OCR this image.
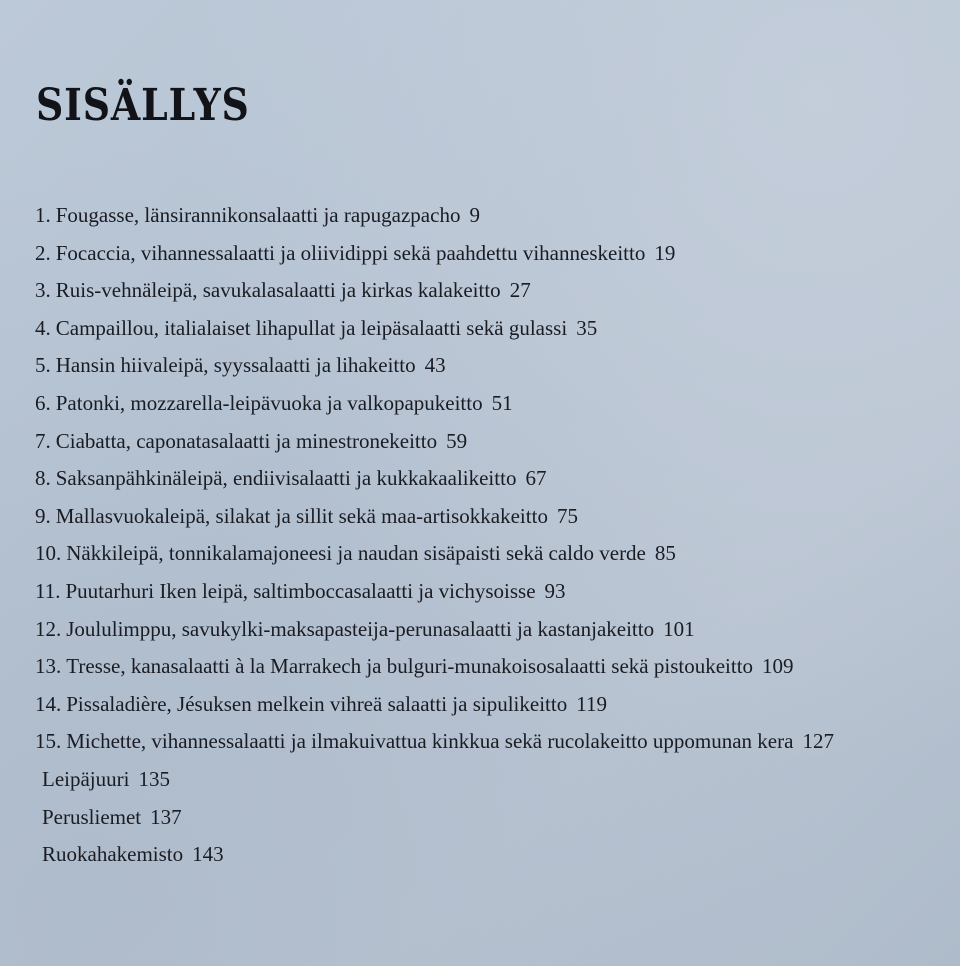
SISÄLLYS
1. Fougasse, länsirannikonsalaatti ja rapugazpacho 9
2. Focaccia, vihannessalaatti ja oliividippi sekä paahdettu vihanneskeitto 19
3. Ruis-vehnäleipä, savukalasalaatti ja kirkas kalakeitto 27
4. Campaillou, italialaiset lihapullat ja leipäsalaatti sekä gulassi 35
5. Hansin hiivaleipä, syyssalaatti ja lihakeitto 43
6. Patonki, mozzarella-leipävuoka ja valkopapukeitto 51
7. Ciabatta, caponatasalaatti ja minestronekeitto 59
8. Saksanpähkinäleipä, endiivisalaatti ja kukkakaalikeitto 67
9. Mallasvuokaleipä, silakat ja sillit sekä maa-artisokkakeitto 75
10. Näkkileipä, tonnikalamajoneesi ja naudan sisäpaisti sekä caldo verde 85
11. Puutarhuri Iken leipä, saltimboccasalaatti ja vichysoisse 93
12. Joululimppu, savukylki-maksapasteija-perunasalaatti ja kastanjakeitto 101
13. Tresse, kanasalaatti à la Marrakech ja bulguri-munakoisosalaatti sekä pistoukeitto 109
14. Pissaladière, Jésuksen melkein vihreä salaatti ja sipulikeitto 119
15. Michette, vihannessalaatti ja ilmakuivattua kinkkua sekä rucolakeitto uppomunan kera 127
Leipäjuuri 135
Perusliemet 137
Ruokahakemisto 143
